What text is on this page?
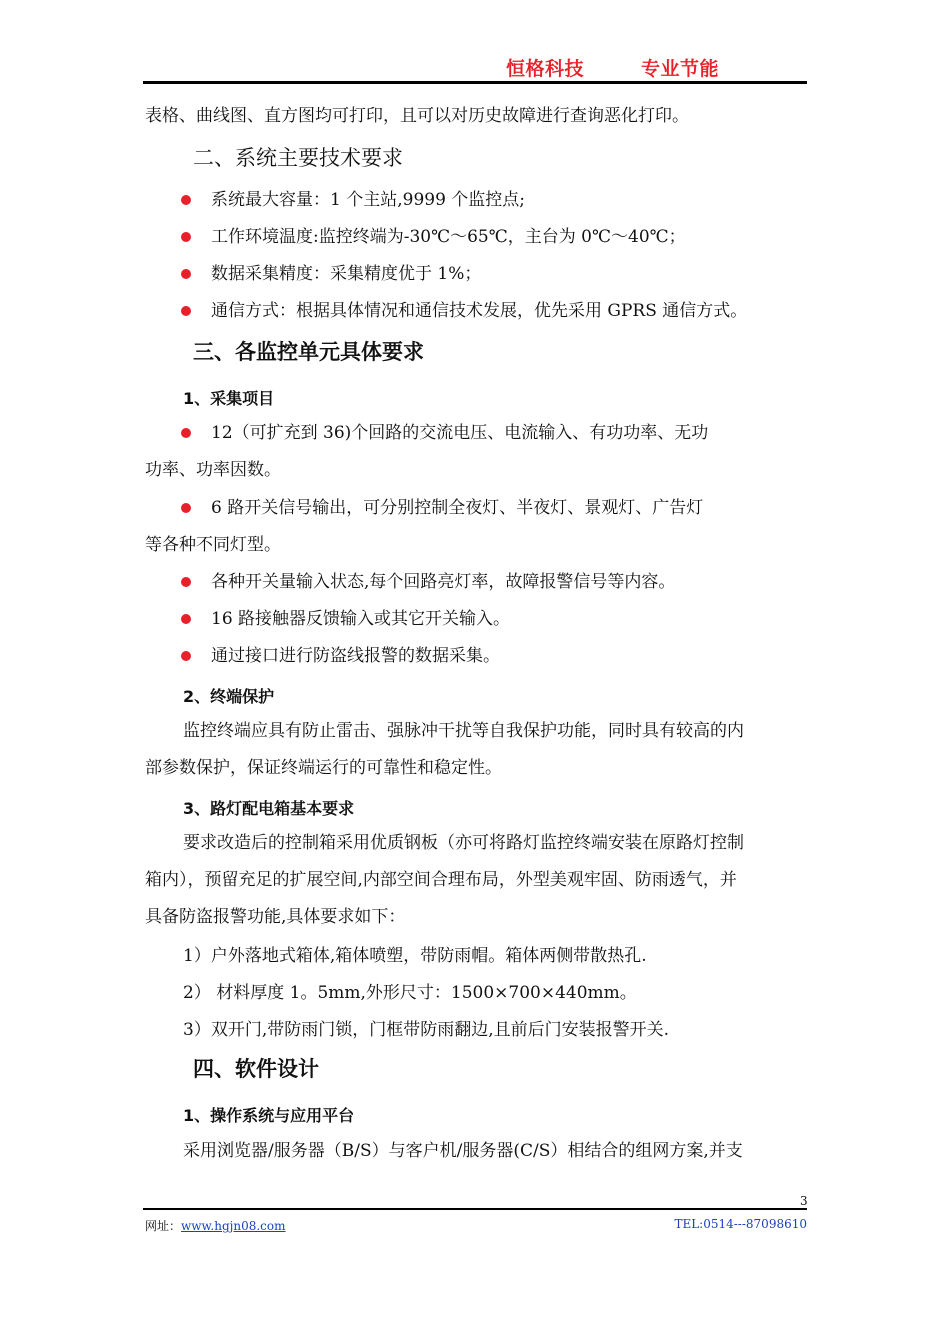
恒格科技	专业节能
表格、曲线图、直方图均可打印，且可以对历史故障进行查询恶化打印。
二、系统主要技术要求
系统最大容量：1 个主站,9999 个监控点;
工作环境温度:监控终端为-30℃～65℃，主台为 0℃～40℃；
数据采集精度：采集精度优于 1%；
通信方式：根据具体情况和通信技术发展，优先采用 GPRS 通信方式。
三、各监控单元具体要求
1、采集项目
12（可扩充到 36)个回路的交流电压、电流输入、有功功率、无功
功率、功率因数。
6 路开关信号输出，可分别控制全夜灯、半夜灯、景观灯、广告灯
等各种不同灯型。
各种开关量输入状态,每个回路亮灯率，故障报警信号等内容。
16 路接触器反馈输入或其它开关输入。
通过接口进行防盗线报警的数据采集。
2、终端保护
监控终端应具有防止雷击、强脉冲干扰等自我保护功能，同时具有较高的内
部参数保护，保证终端运行的可靠性和稳定性。
3、路灯配电箱基本要求
要求改造后的控制箱采用优质钢板（亦可将路灯监控终端安装在原路灯控制
箱内），预留充足的扩展空间,内部空间合理布局，外型美观牢固、防雨透气，并
具备防盗报警功能,具体要求如下：
1）户外落地式箱体,箱体喷塑，带防雨帽。箱体两侧带散热孔.
2） 材料厚度 1。5mm,外形尺寸：1500×700×440mm。
3）双开门,带防雨门锁，门框带防雨翻边,且前后门安装报警开关.
四、软件设计
1、操作系统与应用平台
采用浏览器/服务器（B/S）与客户机/服务器(C/S）相结合的组网方案,并支
3
网址：www.hgjn08.com	TEL:0514---87098610
